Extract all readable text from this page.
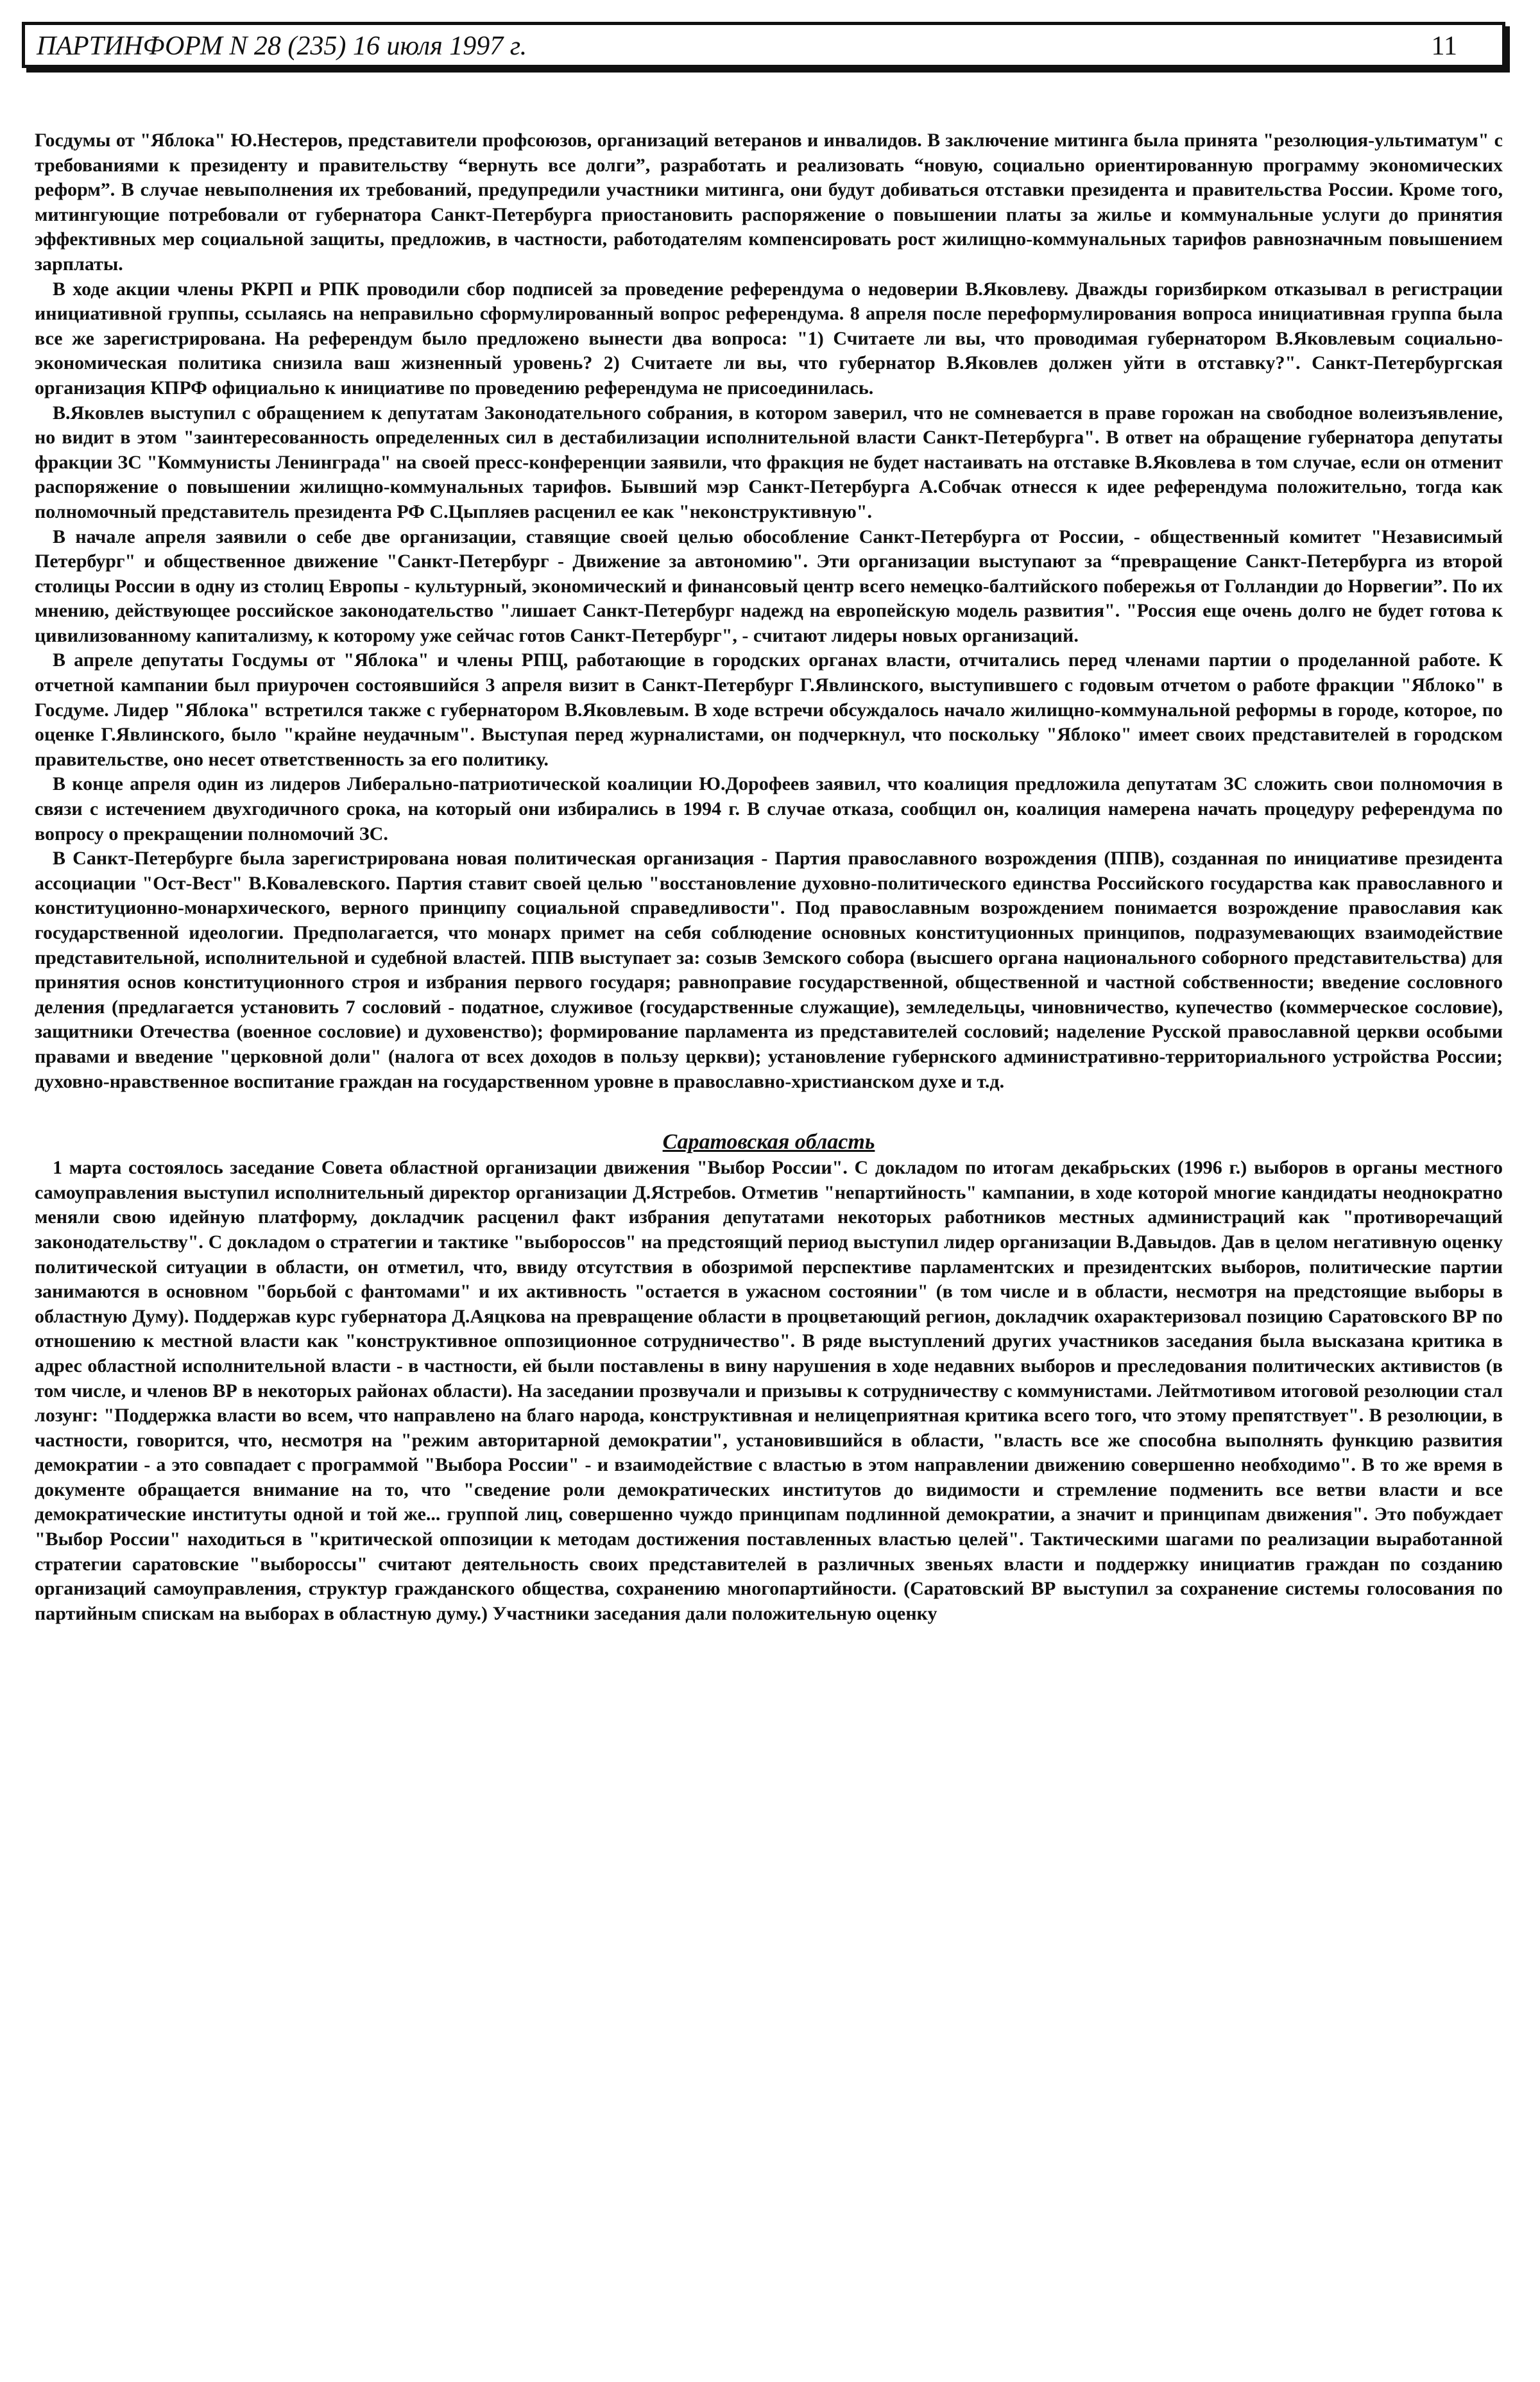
ПАРТИНФОРМ N 28 (235) 16 июля 1997 г.	11

Госдумы от "Яблока" Ю.Нестеров, представители профсоюзов, организаций ветеранов и инвалидов. В заключение митинга была принята "резолюция-ультиматум" с требованиями к президенту и правительству “вернуть все долги”, разработать и реализовать “новую, социально ориентированную программу экономических реформ”. В случае невыполнения их требований, предупредили участники митинга, они будут добиваться отставки президента и правительства России. Кроме того, митингующие потребовали от губернатора Санкт-Петербурга приостановить распоряжение о повышении платы за жилье и коммунальные услуги до принятия эффективных мер социальной защиты, предложив, в частности, работодателям компенсировать рост жилищно-коммунальных тарифов равнозначным повышением зарплаты.

В ходе акции члены РКРП и РПК проводили сбор подписей за проведение референдума о недоверии В.Яковлеву. Дважды горизбирком отказывал в регистрации инициативной группы, ссылаясь на неправильно сформулированный вопрос референдума. 8 апреля после переформулирования вопроса инициативная группа была все же зарегистрирована. На референдум было предложено вынести два вопроса: "1) Считаете ли вы, что проводимая губернатором В.Яковлевым социально-экономическая политика снизила ваш жизненный уровень? 2) Считаете ли вы, что губернатор В.Яковлев должен уйти в отставку?". Санкт-Петербургская организация КПРФ официально к инициативе по проведению референдума не присоединилась.

В.Яковлев выступил с обращением к депутатам Законодательного собрания, в котором заверил, что не сомневается в праве горожан на свободное волеизъявление, но видит в этом "заинтересованность определенных сил в дестабилизации исполнительной власти Санкт-Петербурга". В ответ на обращение губернатора депутаты фракции ЗС "Коммунисты Ленинграда" на своей пресс-конференции заявили, что фракция не будет настаивать на отставке В.Яковлева в том случае, если он отменит распоряжение о повышении жилищно-коммунальных тарифов. Бывший мэр Санкт-Петербурга А.Собчак отнесся к идее референдума положительно, тогда как полномочный представитель президента РФ С.Цыпляев расценил ее как "неконструктивную".

В начале апреля заявили о себе две организации, ставящие своей целью обособление Санкт-Петербурга от России, - общественный комитет "Независимый Петербург" и общественное движение "Санкт-Петербург - Движение за автономию". Эти организации выступают за “превращение Санкт-Петербурга из второй столицы России в одну из столиц Европы - культурный, экономический и финансовый центр всего немецко-балтийского побережья от Голландии до Норвегии”. По их мнению, действующее российское законодательство "лишает Санкт-Петербург надежд на европейскую модель развития". "Россия еще очень долго не будет готова к цивилизованному капитализму, к которому уже сейчас готов Санкт-Петербург", - считают лидеры новых организаций.

В апреле депутаты Госдумы от "Яблока" и члены РПЦ, работающие в городских органах власти, отчитались перед членами партии о проделанной работе. К отчетной кампании был приурочен состоявшийся 3 апреля визит в Санкт-Петербург Г.Явлинского, выступившего с годовым отчетом о работе фракции "Яблоко" в Госдуме. Лидер "Яблока" встретился также с губернатором В.Яковлевым. В ходе встречи обсуждалось начало жилищно-коммунальной реформы в городе, которое, по оценке Г.Явлинского, было "крайне неудачным". Выступая перед журналистами, он подчеркнул, что поскольку "Яблоко" имеет своих представителей в городском правительстве, оно несет ответственность за его политику.

В конце апреля один из лидеров Либерально-патриотической коалиции Ю.Дорофеев заявил, что коалиция предложила депутатам ЗС сложить свои полномочия в связи с истечением двухгодичного срока, на который они избирались в 1994 г. В случае отказа, сообщил он, коалиция намерена начать процедуру референдума по вопросу о прекращении полномочий ЗС.

В Санкт-Петербурге была зарегистрирована новая политическая организация - Партия православного возрождения (ППВ), созданная по инициативе президента ассоциации "Ост-Вест" В.Ковалевского. Партия ставит своей целью "восстановление духовно-политического единства Российского государства как православного и конституционно-монархического, верного принципу социальной справедливости". Под православным возрождением понимается возрождение православия как государственной идеологии. Предполагается, что монарх примет на себя соблюдение основных конституционных принципов, подразумевающих взаимодействие представительной, исполнительной и судебной властей. ППВ выступает за: созыв Земского собора (высшего органа национального соборного представительства) для принятия основ конституционного строя и избрания первого государя; равноправие государственной, общественной и частной собственности; введение сословного деления (предлагается установить 7 сословий - податное, служивое (государственные служащие), земледельцы, чиновничество, купечество (коммерческое сословие), защитники Отечества (военное сословие) и духовенство); формирование парламента из представителей сословий; наделение Русской православной церкви особыми правами и введение "церковной доли" (налога от всех доходов в пользу церкви); установление губернского административно-территориального устройства России; духовно-нравственное воспитание граждан на государственном уровне в православно-христианском духе и т.д.

Саратовская область

1 марта состоялось заседание Совета областной организации движения "Выбор России". С докладом по итогам декабрьских (1996 г.) выборов в органы местного самоуправления выступил исполнительный директор организации Д.Ястребов. Отметив "непартийность" кампании, в ходе которой многие кандидаты неоднократно меняли свою идейную платформу, докладчик расценил факт избрания депутатами некоторых работников местных администраций как "противоречащий законодательству". С докладом о стратегии и тактике "выбороссов" на предстоящий период выступил лидер организации В.Давыдов. Дав в целом негативную оценку политической ситуации в области, он отметил, что, ввиду отсутствия в обозримой перспективе парламентских и президентских выборов, политические партии занимаются в основном "борьбой с фантомами" и их активность "остается в ужасном состоянии" (в том числе и в области, несмотря на предстоящие выборы в областную Думу). Поддержав курс губернатора Д.Аяцкова на превращение области в процветающий регион, докладчик охарактеризовал позицию Саратовского ВР по отношению к местной власти как "конструктивное оппозиционное сотрудничество". В ряде выступлений других участников заседания была высказана критика в адрес областной исполнительной власти - в частности, ей были поставлены в вину нарушения в ходе недавних выборов и преследования политических активистов (в том числе, и членов ВР в некоторых районах области). На заседании прозвучали и призывы к сотрудничеству с коммунистами. Лейтмотивом итоговой резолюции стал лозунг: "Поддержка власти во всем, что направлено на благо народа, конструктивная и нелицеприятная критика всего того, что этому препятствует". В резолюции, в частности, говорится, что, несмотря на "режим авторитарной демократии", установившийся в области, "власть все же способна выполнять функцию развития демократии - а это совпадает с программой "Выбора России" - и взаимодействие с властью в этом направлении движению совершенно необходимо". В то же время в документе обращается внимание на то, что "сведение роли демократических институтов до видимости и стремление подменить все ветви власти и все демократические институты одной и той же... группой лиц, совершенно чуждо принципам подлинной демократии, а значит и принципам движения". Это побуждает "Выбор России" находиться в "критической оппозиции к методам достижения поставленных властью целей". Тактическими шагами по реализации выработанной стратегии саратовские "выбороссы" считают деятельность своих представителей в различных звеньях власти и поддержку инициатив граждан по созданию организаций самоуправления, структур гражданского общества, сохранению многопартийности. (Саратовский ВР выступил за сохранение системы голосования по партийным спискам на выборах в областную думу.) Участники заседания дали положительную оценку
